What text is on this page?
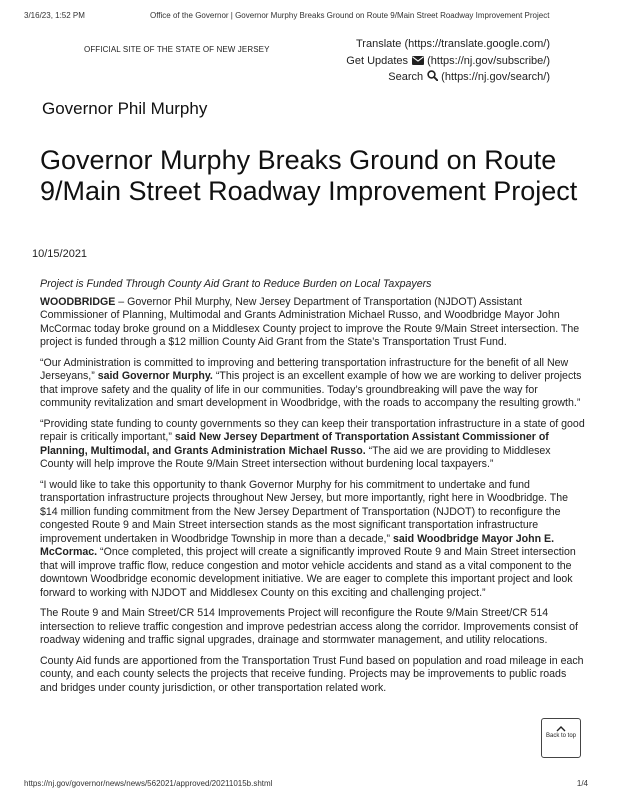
3/16/23, 1:52 PM	Office of the Governor | Governor Murphy Breaks Ground on Route 9/Main Street Roadway Improvement Project
OFFICIAL SITE OF THE STATE OF NEW JERSEY	Translate (https://translate.google.com/)
Get Updates (https://nj.gov/subscribe/)
Search (https://nj.gov/search/)
Governor Phil Murphy
Governor Murphy Breaks Ground on Route 9/Main Street Roadway Improvement Project
10/15/2021

Project is Funded Through County Aid Grant to Reduce Burden on Local Taxpayers

WOODBRIDGE – Governor Phil Murphy, New Jersey Department of Transportation (NJDOT) Assistant Commissioner of Planning, Multimodal and Grants Administration Michael Russo, and Woodbridge Mayor John McCormac today broke ground on a Middlesex County project to improve the Route 9/Main Street intersection. The project is funded through a $12 million County Aid Grant from the State’s Transportation Trust Fund.

“Our Administration is committed to improving and bettering transportation infrastructure for the benefit of all New Jerseyans,” said Governor Murphy. “This project is an excellent example of how we are working to deliver projects that improve safety and the quality of life in our communities. Today’s groundbreaking will pave the way for community revitalization and smart development in Woodbridge, with the roads to accompany the resulting growth.”

“Providing state funding to county governments so they can keep their transportation infrastructure in a state of good repair is critically important,” said New Jersey Department of Transportation Assistant Commissioner of Planning, Multimodal, and Grants Administration Michael Russo. “The aid we are providing to Middlesex County will help improve the Route 9/Main Street intersection without burdening local taxpayers.”

“I would like to take this opportunity to thank Governor Murphy for his commitment to undertake and fund transportation infrastructure projects throughout New Jersey, but more importantly, right here in Woodbridge. The $14 million funding commitment from the New Jersey Department of Transportation (NJDOT) to reconfigure the congested Route 9 and Main Street intersection stands as the most significant transportation infrastructure improvement undertaken in Woodbridge Township in more than a decade,” said Woodbridge Mayor John E. McCormac. “Once completed, this project will create a significantly improved Route 9 and Main Street intersection that will improve traffic flow, reduce congestion and motor vehicle accidents and stand as a vital component to the downtown Woodbridge economic development initiative. We are eager to complete this important project and look forward to working with NJDOT and Middlesex County on this exciting and challenging project.”

The Route 9 and Main Street/CR 514 Improvements Project will reconfigure the Route 9/Main Street/CR 514 intersection to relieve traffic congestion and improve pedestrian access along the corridor. Improvements consist of roadway widening and traffic signal upgrades, drainage and stormwater management, and utility relocations.

County Aid funds are apportioned from the Transportation Trust Fund based on population and road mileage in each county, and each county selects the projects that receive funding. Projects may be improvements to public roads and bridges under county jurisdiction, or other transportation related work.

Back to top
https://nj.gov/governor/news/news/562021/approved/20211015b.shtml	1/4
